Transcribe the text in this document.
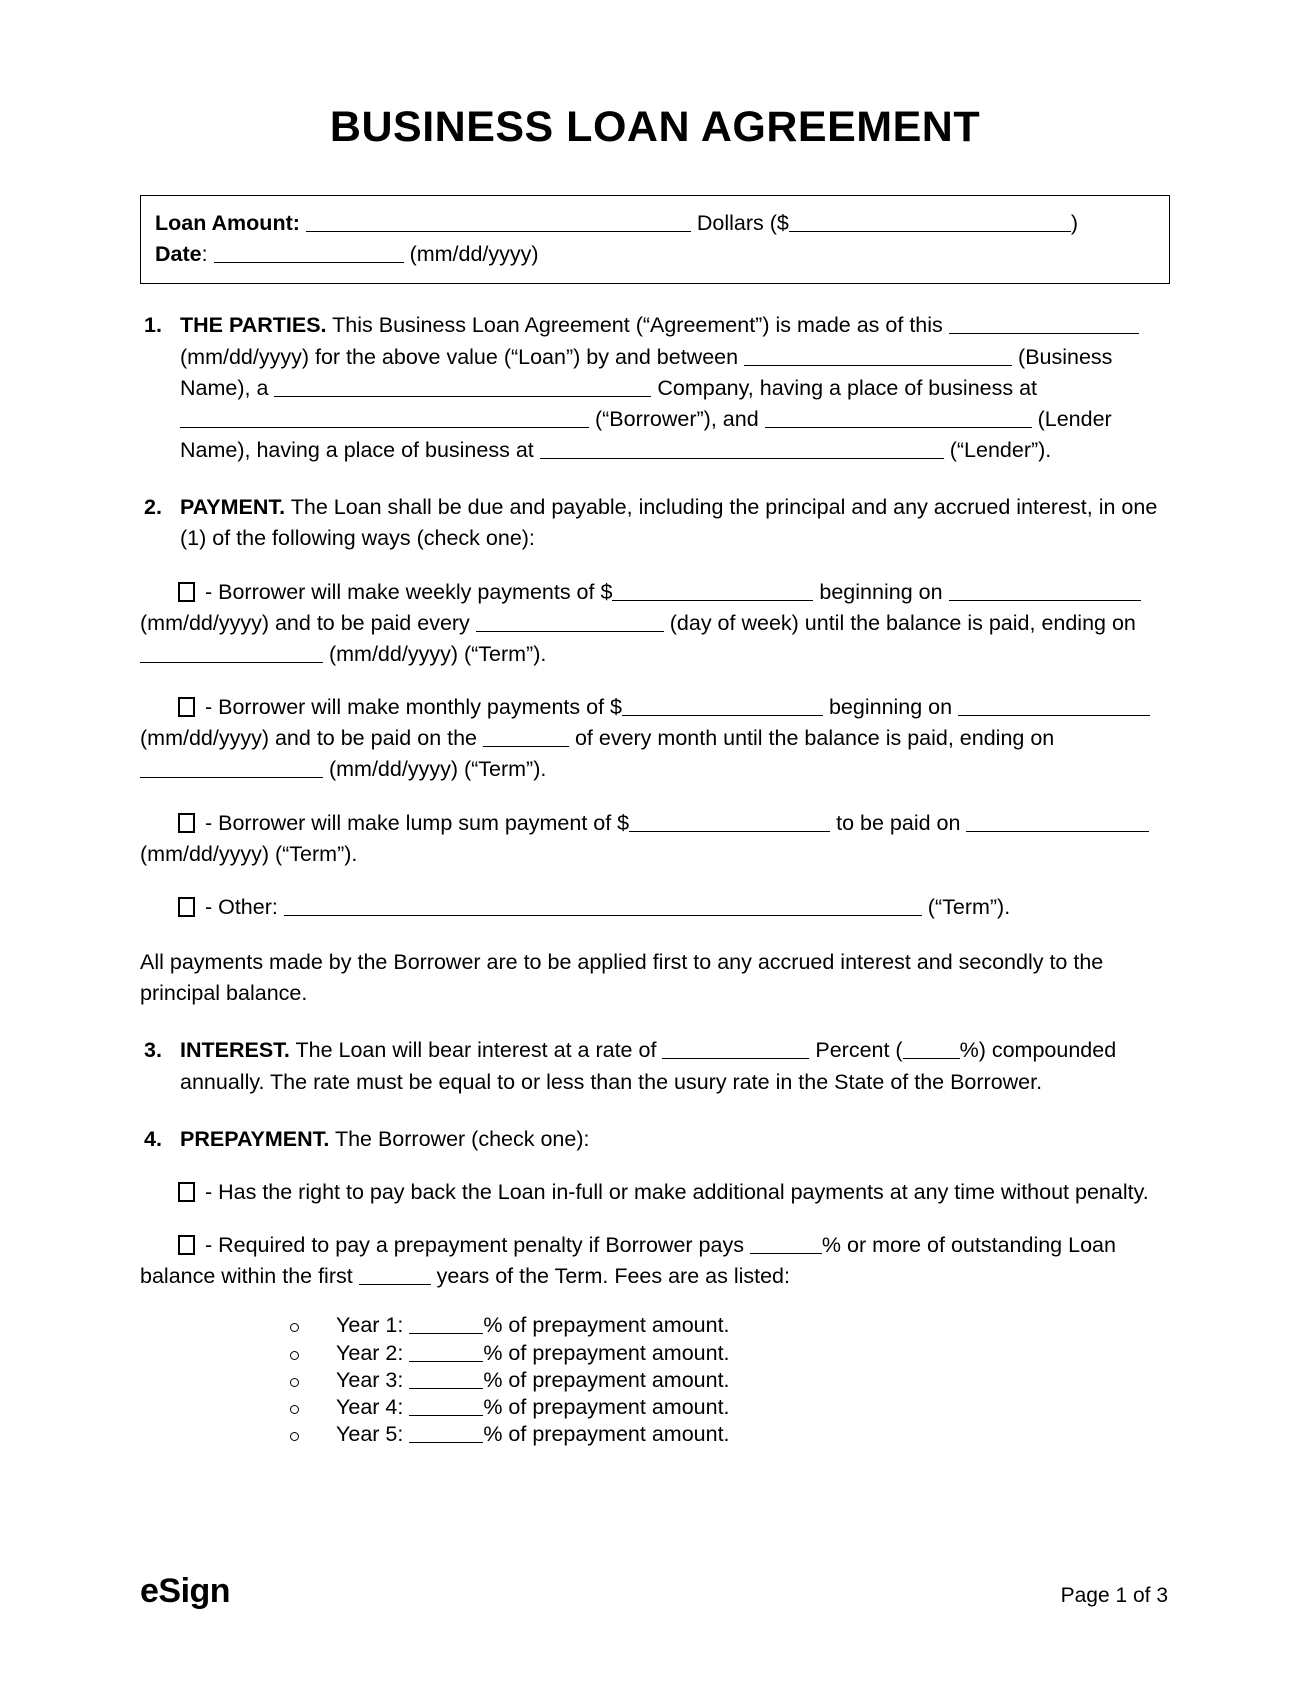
BUSINESS LOAN AGREEMENT
Loan Amount:	Dollars ($	)
Date:	(mm/dd/yyyy)
1. THE PARTIES. This Business Loan Agreement (“Agreement”) is made as of this  (mm/dd/yyyy) for the above value (“Loan”) by and between	(Business Name), a	Company, having a place of business at  (“Borrower”), and	(Lender Name), having a place of business at	(“Lender”).
2. PAYMENT. The Loan shall be due and payable, including the principal and any accrued interest, in one (1) of the following ways (check one):
- Borrower will make weekly payments of $	beginning on  (mm/dd/yyyy) and to be paid every	(day of week) until the balance is paid, ending on  (mm/dd/yyyy) (“Term”).
- Borrower will make monthly payments of $	beginning on  (mm/dd/yyyy) and to be paid on the	of every month until the balance is paid, ending on  (mm/dd/yyyy) (“Term”).
- Borrower will make lump sum payment of $	to be paid on  (mm/dd/yyyy) (“Term”).
- Other:	(“Term”).
All payments made by the Borrower are to be applied first to any accrued interest and secondly to the principal balance.
3. INTEREST. The Loan will bear interest at a rate of	Percent (	%) compounded annually. The rate must be equal to or less than the usury rate in the State of the Borrower.
4. PREPAYMENT. The Borrower (check one):
- Has the right to pay back the Loan in-full or make additional payments at any time without penalty.
- Required to pay a prepayment penalty if Borrower pays	% or more of outstanding Loan balance within the first	years of the Term. Fees are as listed:
Year 1:	% of prepayment amount.
Year 2:	% of prepayment amount.
Year 3:	% of prepayment amount.
Year 4:	% of prepayment amount.
Year 5:	% of prepayment amount.
eSign	Page 1 of 3
